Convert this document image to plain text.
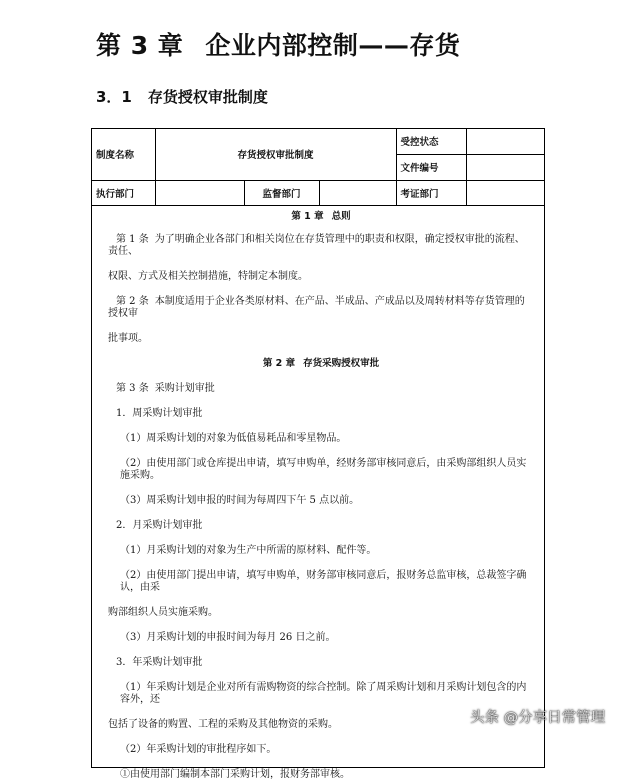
第 3 章 企业内部控制——存货
3．1 存货授权审批制度
制度名称	存货授权审批制度			受控状态	
				文件编号	
执行部门		监督部门		考证部门	

第 1 章 总则

第 1 条 为了明确企业各部门和相关岗位在存货管理中的职责和权限，确定授权审批的流程、责任、

权限、方式及相关控制措施，特制定本制度。

第 2 条 本制度适用于企业各类原材料、在产品、半成品、产成品以及周转材料等存货管理的授权审

批事项。

第 2 章 存货采购授权审批

第 3 条 采购计划审批

1．周采购计划审批

（1）周采购计划的对象为低值易耗品和零星物品。

（2）由使用部门或仓库提出申请，填写申购单，经财务部审核同意后，由采购部组织人员实施采购。

（3）周采购计划申报的时间为每周四下午 5 点以前。

2．月采购计划审批

（1）月采购计划的对象为生产中所需的原材料、配件等。

（2）由使用部门提出申请，填写申购单，财务部审核同意后，报财务总监审核，总裁签字确认，由采

购部组织人员实施采购。

（3）月采购计划的申报时间为每月 26 日之前。

3．年采购计划审批

（1）年采购计划是企业对所有需购物资的综合控制。除了周采购计划和月采购计划包含的内容外，还

包括了设备的购置、工程的采购及其他物资的采购。

（2）年采购计划的审批程序如下。

①由使用部门编制本部门采购计划，报财务部审核。

头条 @分享日常管理
